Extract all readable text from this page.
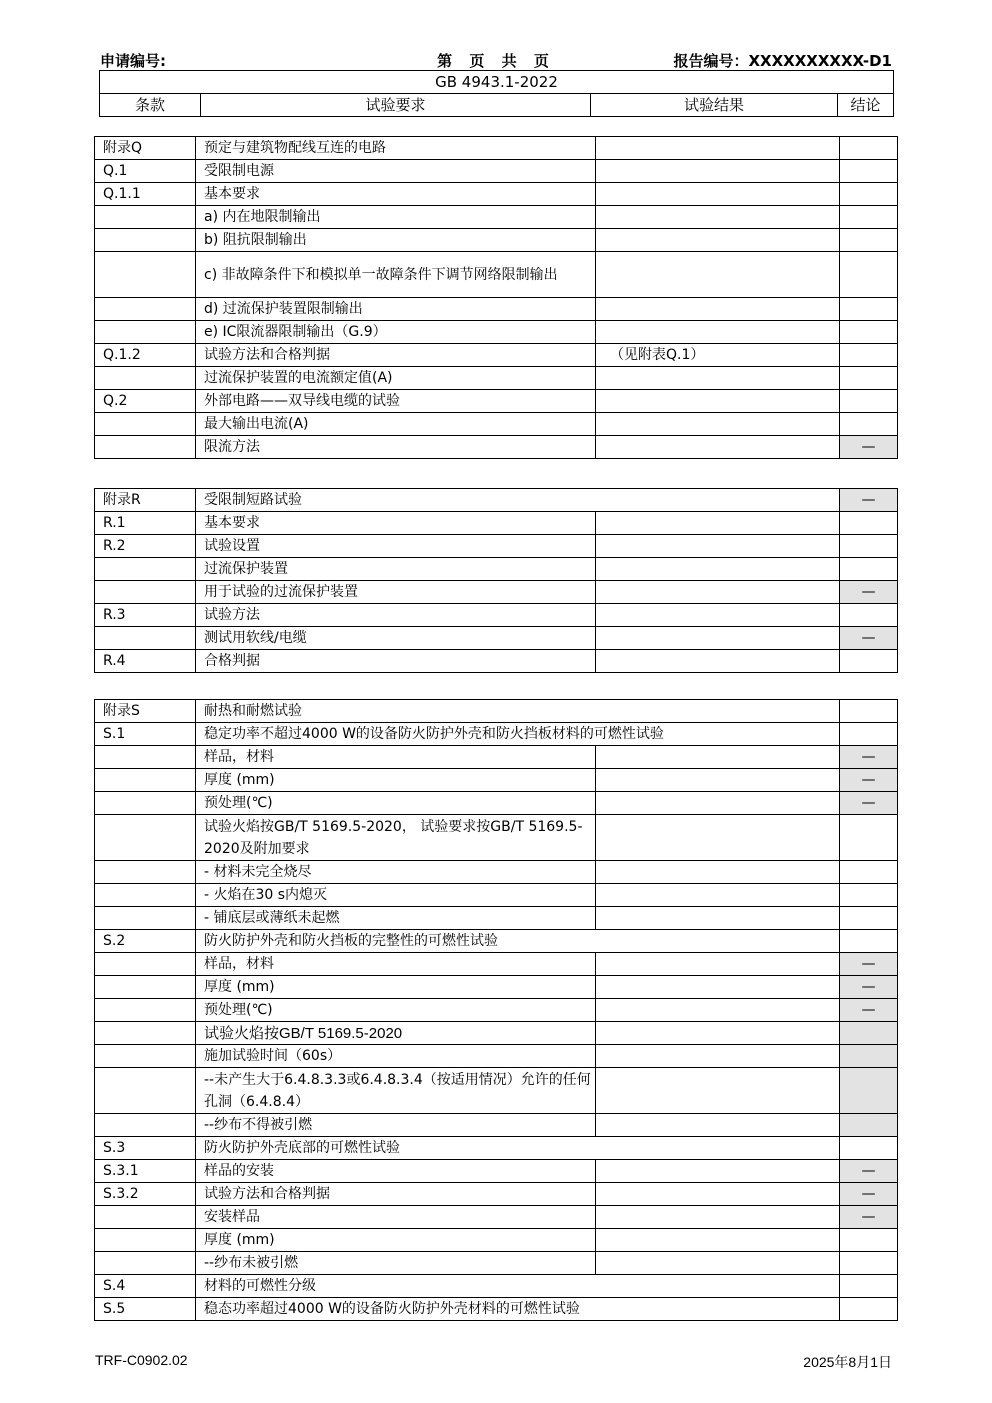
申请编号:	第 页 共 页	报告编号：XXXXXXXXXX-D1
GB 4943.1-2022
条款	试验要求	试验结果	结论
附录Q	预定与建筑物配线互连的电路		
Q.1	受限制电源		
Q.1.1	基本要求		
	a) 内在地限制输出		
	b) 阻抗限制输出		
	c) 非故障条件下和模拟单一故障条件下调节网络限制输出		
	d) 过流保护装置限制输出		
	e) IC限流器限制输出（G.9）		
Q.1.2	试验方法和合格判据	（见附表Q.1）	
	过流保护装置的电流额定值(A)		
Q.2	外部电路——双导线电缆的试验		
	最大输出电流(A)		
	限流方法		—
附录R	受限制短路试验		—
R.1	基本要求		
R.2	试验设置		
	过流保护装置		
	用于试验的过流保护装置		—
R.3	试验方法		
	测试用软线/电缆		—
R.4	合格判据		
附录S	耐热和耐燃试验		
S.1	稳定功率不超过4000 W的设备防火防护外壳和防火挡板材料的可燃性试验		
	样品，材料		—
	厚度 (mm)		—
	预处理(℃)		—
	试验火焰按GB/T 5169.5-2020， 试验要求按GB/T 5169.5-2020及附加要求		
	- 材料未完全烧尽		
	- 火焰在30 s内熄灭		
	- 铺底层或薄纸未起燃		
S.2	防火防护外壳和防火挡板的完整性的可燃性试验		
	样品，材料		—
	厚度 (mm)		—
	预处理(℃)		—
	试验火焰按GB/T 5169.5-2020		
	施加试验时间（60s）		
	--未产生大于6.4.8.3.3或6.4.8.3.4（按适用情况）允许的任何孔洞（6.4.8.4）		
	--纱布不得被引燃		
S.3	防火防护外壳底部的可燃性试验		
S.3.1	样品的安装		—
S.3.2	试验方法和合格判据		—
	安装样品		—
	厚度 (mm)		
	--纱布未被引燃		
S.4	材料的可燃性分级		
S.5	稳态功率超过4000 W的设备防火防护外壳材料的可燃性试验		
TRF-C0902.02	2025年8月1日
